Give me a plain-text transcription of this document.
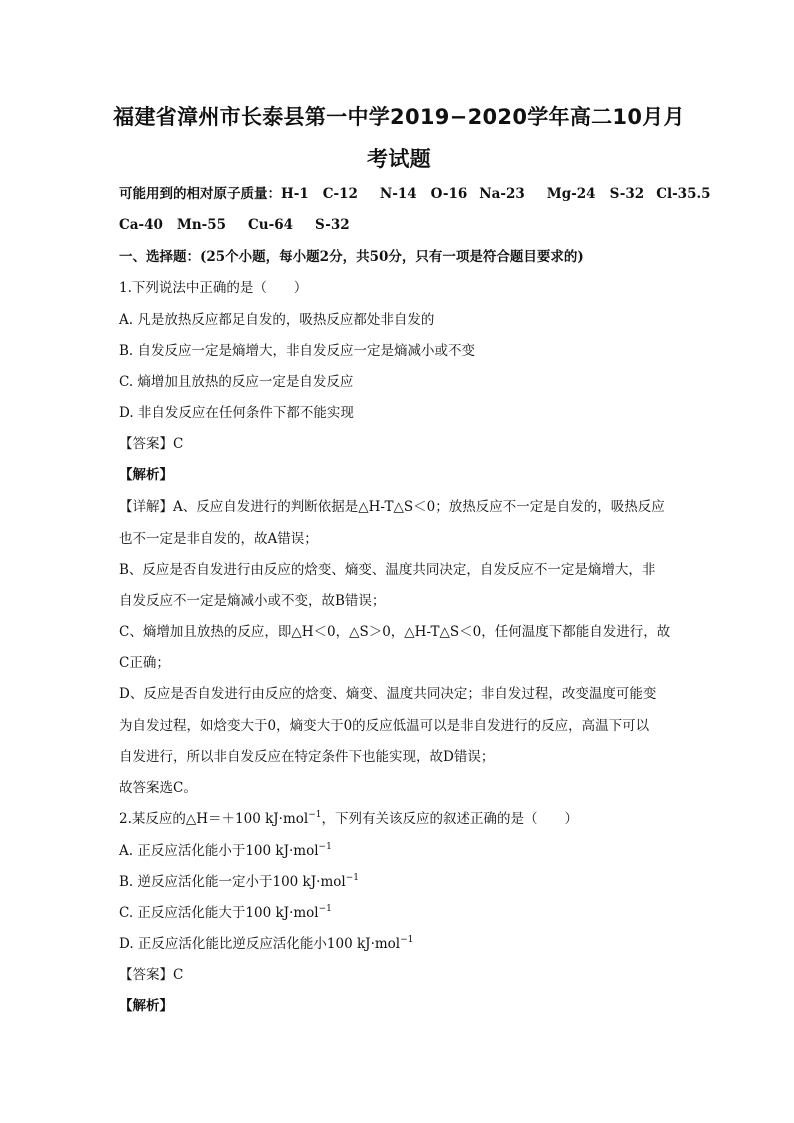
福建省漳州市长泰县第一中学2019−2020学年高二10月月
考试题
可能用到的相对原子质量：H-1 C-12 N-14 O-16 Na-23 Mg-24 S-32 Cl-35.5
Ca-40 Mn-55 Cu-64 S-32
一、选择题：(25个小题，每小题2分，共50分，只有一项是符合题目要求的)
1.下列说法中正确的是（　　）
A. 凡是放热反应都足自发的，吸热反应都处非自发的
B. 自发反应一定是熵增大，非自发反应一定是熵减小或不变
C. 熵增加且放热的反应一定是自发反应
D. 非自发反应在任何条件下都不能实现
【答案】C
【解析】
【详解】A、反应自发进行的判断依据是△H-T△S＜0；放热反应不一定是自发的，吸热反应
也不一定是非自发的，故A错误；
B、反应是否自发进行由反应的焓变、熵变、温度共同决定，自发反应不一定是熵增大，非
自发反应不一定是熵减小或不变，故B错误；
C、熵增加且放热的反应，即△H＜0，△S＞0，△H-T△S＜0，任何温度下都能自发进行，故
C正确；
D、反应是否自发进行由反应的焓变、熵变、温度共同决定；非自发过程，改变温度可能变
为自发过程，如焓变大于0，熵变大于0的反应低温可以是非自发进行的反应，高温下可以
自发进行，所以非自发反应在特定条件下也能实现，故D错误；
故答案选C。
2.某反应的△H＝＋100 kJ·mol$^{-1}$，下列有关该反应的叙述正确的是（　　）
A. 正反应活化能小于100 kJ·mol$^{-1}$
B. 逆反应活化能一定小于100 kJ·mol$^{-1}$
C. 正反应活化能大于100 kJ·mol$^{-1}$
D. 正反应活化能比逆反应活化能小100 kJ·mol$^{-1}$
【答案】C
【解析】
